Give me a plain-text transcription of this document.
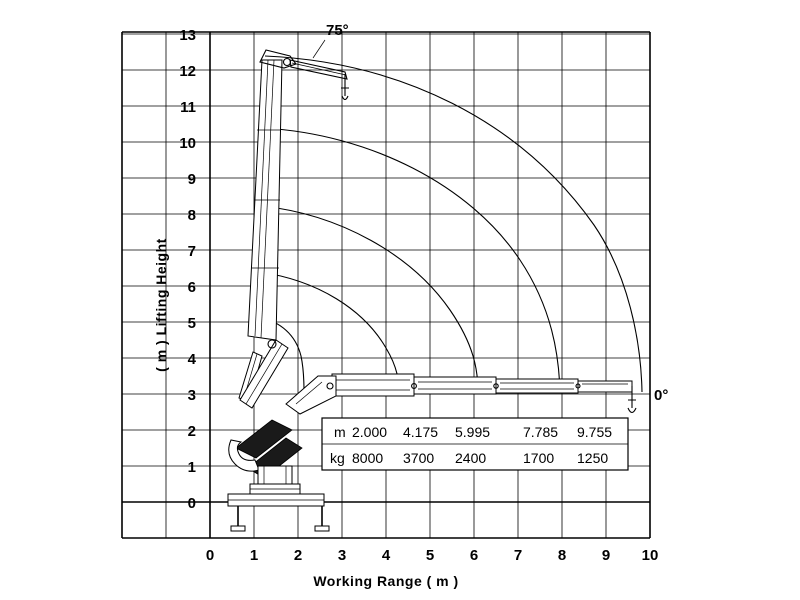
13
12
11
10
9
8
7
6
5
4
3
2
1
0
0 1 2 3 4 5 6 7 8 9 10
Working Range ( m )
( m ) Lifting Height
75°
0°
m 2.000 4.175 5.995 7.785 9.755
kg 8000 3700 2400	1700 1250
